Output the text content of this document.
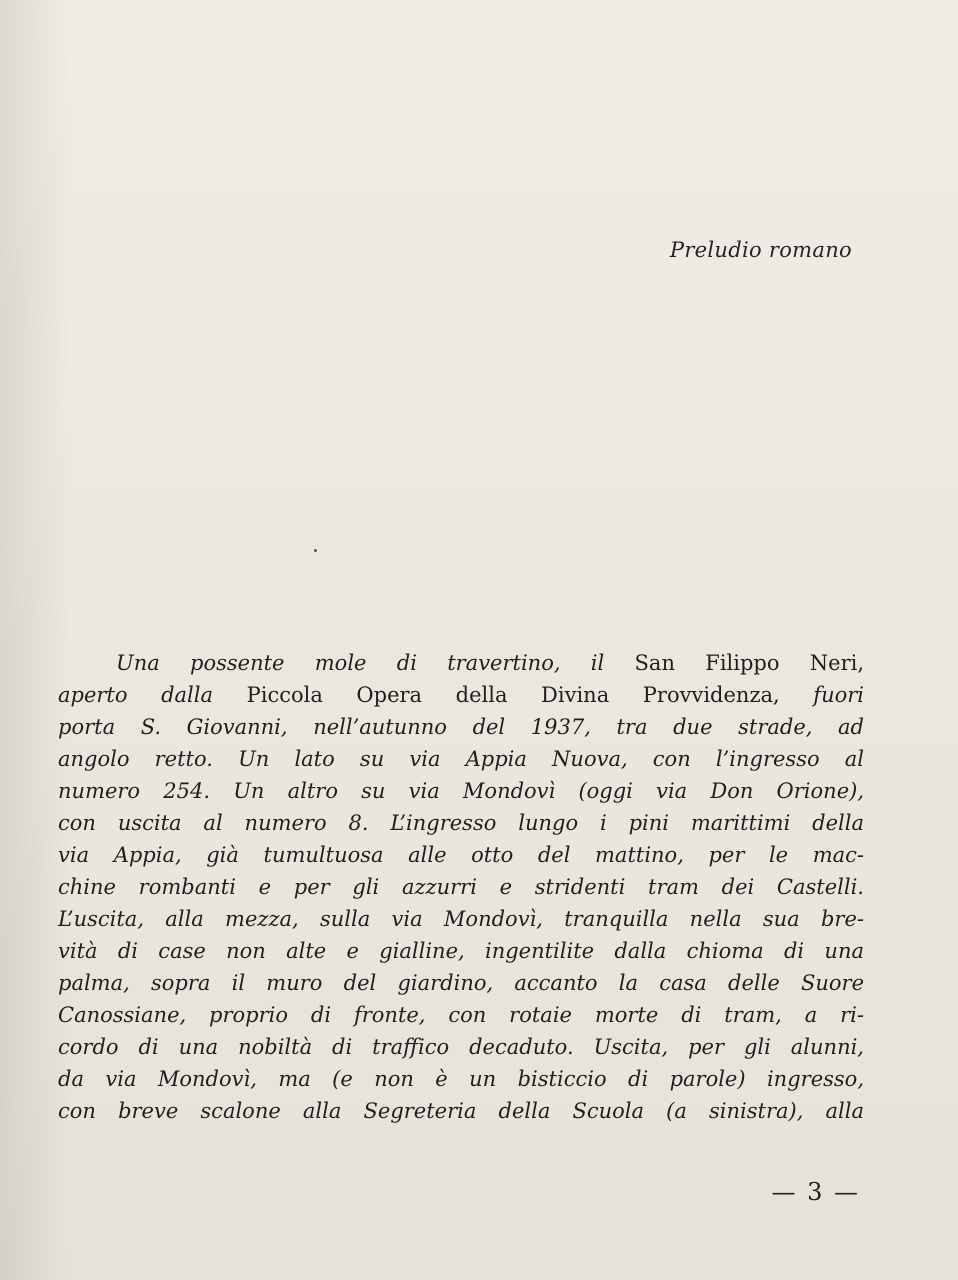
Preludio romano
Una possente mole di travertino, il San Filippo Neri,
aperto dalla Piccola Opera della Divina Provvidenza, fuori
porta S. Giovanni, nell’autunno del 1937, tra due strade, ad
angolo retto. Un lato su via Appia Nuova, con l’ingresso al
numero 254. Un altro su via Mondovì (oggi via Don Orione),
con uscita al numero 8. L’ingresso lungo i pini marittimi della
via Appia, già tumultuosa alle otto del mattino, per le mac-
chine rombanti e per gli azzurri e stridenti tram dei Castelli.
L’uscita, alla mezza, sulla via Mondovì, tranquilla nella sua bre-
vità di case non alte e gialline, ingentilite dalla chioma di una
palma, sopra il muro del giardino, accanto la casa delle Suore
Canossiane, proprio di fronte, con rotaie morte di tram, a ri-
cordo di una nobiltà di traffico decaduto. Uscita, per gli alunni,
da via Mondovì, ma (e non è un bisticcio di parole) ingresso,
con breve scalone alla Segreteria della Scuola (a sinistra), alla
— 3 —
